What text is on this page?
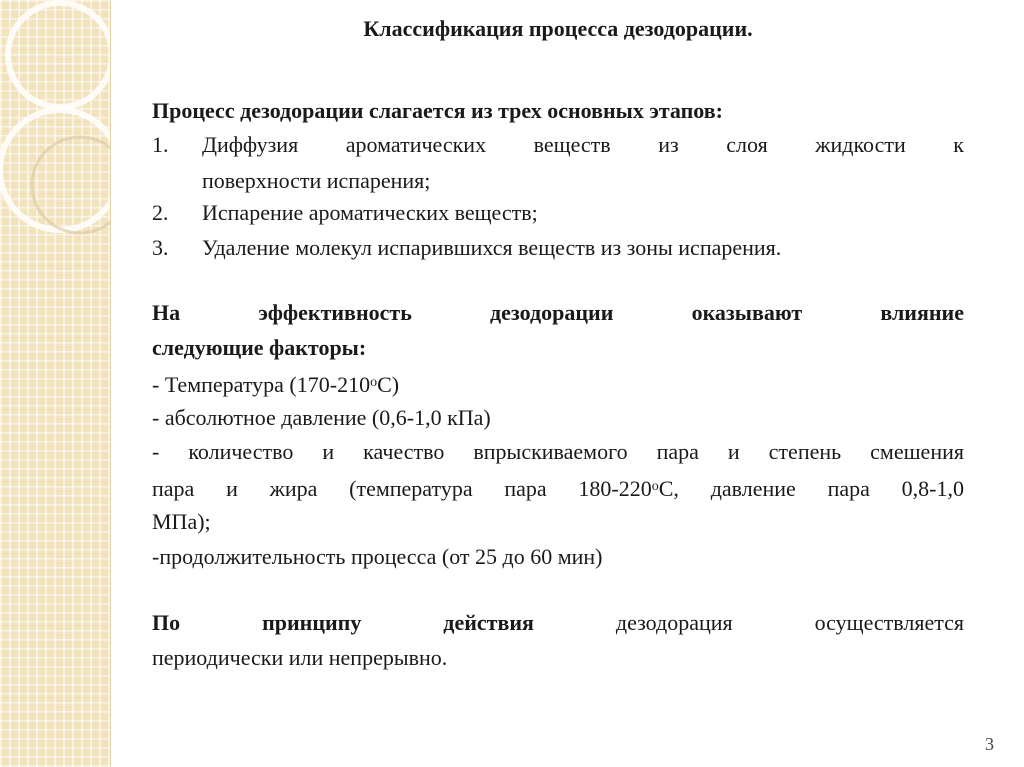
Классификация процесса дезодорации.
Процесс дезодорации слагается из трех основных этапов:
1. Диффузия ароматических веществ из слоя жидкости к
поверхности испарения;
2. Испарение ароматических веществ;
3. Удаление молекул испарившихся веществ из зоны испарения.
На эффективность дезодорации оказывают влияние
следующие факторы:
- Температура $(170-210^оС)$
- абсолютное давление (0,6-1,0 кПа)
- количество и качество впрыскиваемого пара и степень смешения
пара и жира (температура пара $180-220^оС$, давление пара 0,8-1,0
МПа);
-продолжительность процесса (от 25 до 60 мин)
По принципу действия	дезодорация осуществляется
периодически или непрерывно.
3
